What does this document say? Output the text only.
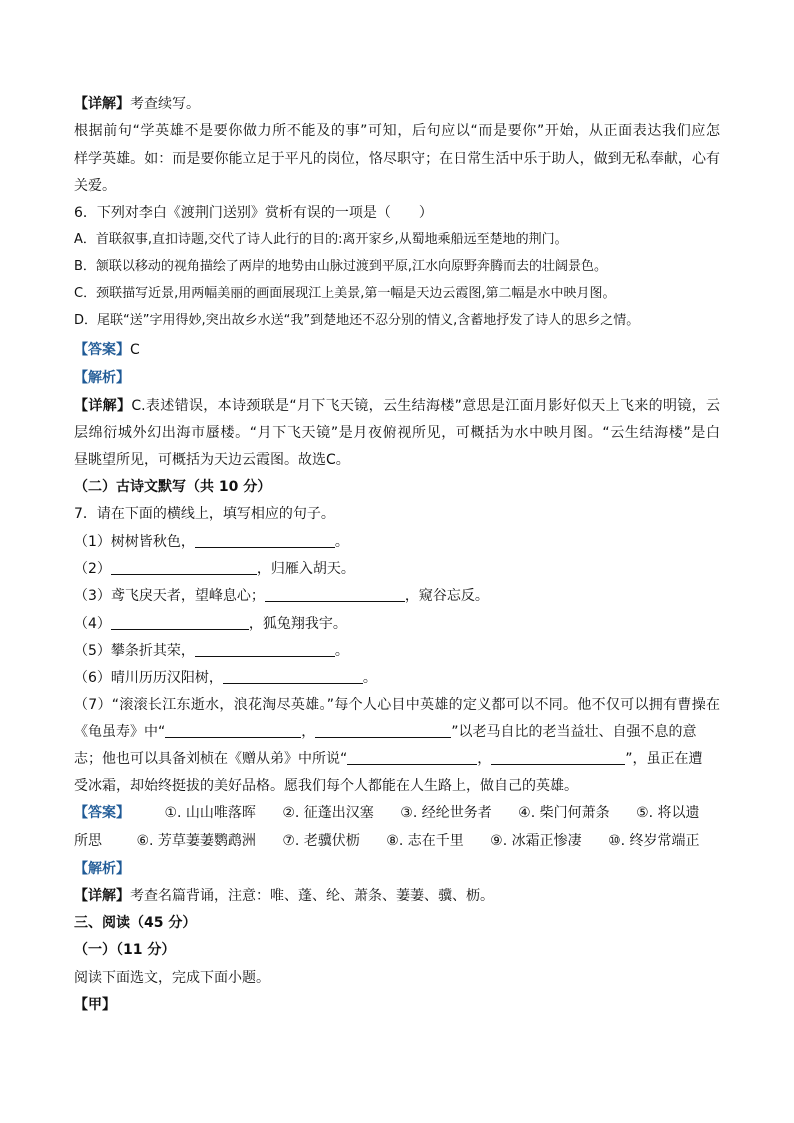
【详解】考查续写。
根据前句“学英雄不是要你做力所不能及的事”可知，后句应以“而是要你”开始，从正面表达我们应怎
样学英雄。如：而是要你能立足于平凡的岗位，恪尽职守；在日常生活中乐于助人，做到无私奉献，心有
关爱。
6．下列对李白《渡荆门送别》赏析有误的一项是（　　）
A．首联叙事,直扣诗题,交代了诗人此行的目的:离开家乡,从蜀地乘船远至楚地的荆门。
B．颔联以移动的视角描绘了两岸的地势由山脉过渡到平原,江水向原野奔腾而去的壮阔景色。
C．颈联描写近景,用两幅美丽的画面展现江上美景,第一幅是天边云霞图,第二幅是水中映月图。
D．尾联“送”字用得妙,突出故乡水送“我”到楚地还不忍分别的情义,含蓄地抒发了诗人的思乡之情。
【答案】C
【解析】
【详解】C.表述错误，本诗颈联是“月下飞天镜，云生结海楼”意思是江面月影好似天上飞来的明镜，云
层绵衍城外幻出海市蜃楼。“月下飞天镜”是月夜俯视所见，可概括为水中映月图。“云生结海楼”是白
昼眺望所见，可概括为天边云霞图。故选C。
（二）古诗文默写（共 10 分）
7．请在下面的横线上，填写相应的句子。
（1）树树皆秋色，	。
（2）	，归雁入胡天。
（3）鸢飞戾天者，望峰息心；	，窥谷忘反。
（4）	，狐兔翔我宇。
（5）攀条折其荣，	。
（6）晴川历历汉阳树，	。
（7）“滚滚长江东逝水，浪花淘尽英雄。”每个人心目中英雄的定义都可以不同。他不仅可以拥有曹操在
《龟虽寿》中“	，	”以老马自比的老当益壮、自强不息的意
志；他也可以具备刘桢在《赠从弟》中所说“	，	”，虽正在遭
受冰霜，却始终挺拔的美好品格。愿我们每个人都能在人生路上，做自己的英雄。
【答案】 ①. 山山唯落晖 ②. 征蓬出汉塞 ③. 经纶世务者 ④. 柴门何萧条 ⑤. 将以遗
所思 ⑥. 芳草萋萋鹦鹉洲 ⑦. 老骥伏枥 ⑧. 志在千里 ⑨. 冰霜正惨凄 ⑩. 终岁常端正
【解析】
【详解】考查名篇背诵，注意：唯、蓬、纶、萧条、萋萋、骥、枥。
三、阅读（45 分）
（一）（11 分）
阅读下面选文，完成下面小题。
【甲】
